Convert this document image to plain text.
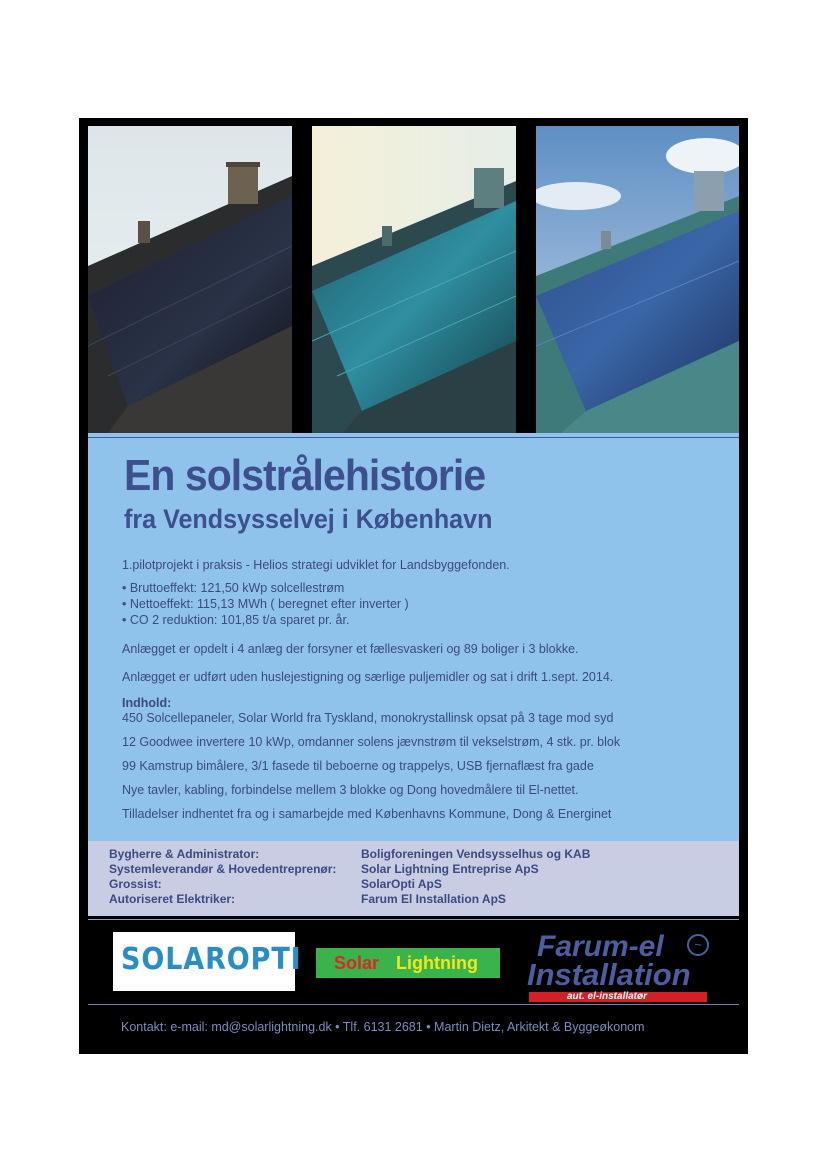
En solstrålehistorie
fra Vendsysselvej i København

1.pilotprojekt i praksis - Helios strategi udviklet for Landsbyggefonden.

• Bruttoeffekt: 121,50 kWp solcellestrøm

• Nettoeffekt: 115,13 MWh ( beregnet efter inverter )

• CO 2 reduktion: 101,85 t/a sparet pr. år.

Anlægget er opdelt i 4 anlæg der forsyner et fællesvaskeri og 89 boliger i 3 blokke.

Anlægget er udført uden huslejestigning og særlige puljemidler og sat i drift 1.sept. 2014.

Indhold:

450 Solcellepaneler, Solar World fra Tyskland, monokrystallinsk opsat på 3 tage mod syd

12 Goodwee invertere 10 kWp, omdanner solens jævnstrøm til vekselstrøm, 4 stk. pr. blok

99 Kamstrup bimålere, 3/1 fasede til beboerne og trappelys, USB fjernaflæst fra gade

Nye tavler, kabling, forbindelse mellem 3 blokke og Dong hovedmålere til El-nettet.

Tilladelser indhentet fra og i samarbejde med Københavns Kommune, Dong & Energinet

Bygherre & Administrator:	Boligforeningen Vendsysselhus og KAB
Systemleverandør & Hovedentreprenør: Solar Lightning Entreprise ApS
Grossist:	SolarOpti ApS
Autoriseret Elektriker:	Farum El Installation ApS
SOLAROPTI Solar Lightning Farum-el	~
Installation
aut. el-installatør
Kontakt: e-mail: md@solarlightning.dk • Tlf. 6131 2681 • Martin Dietz, Arkitekt & Byggeøkonom
